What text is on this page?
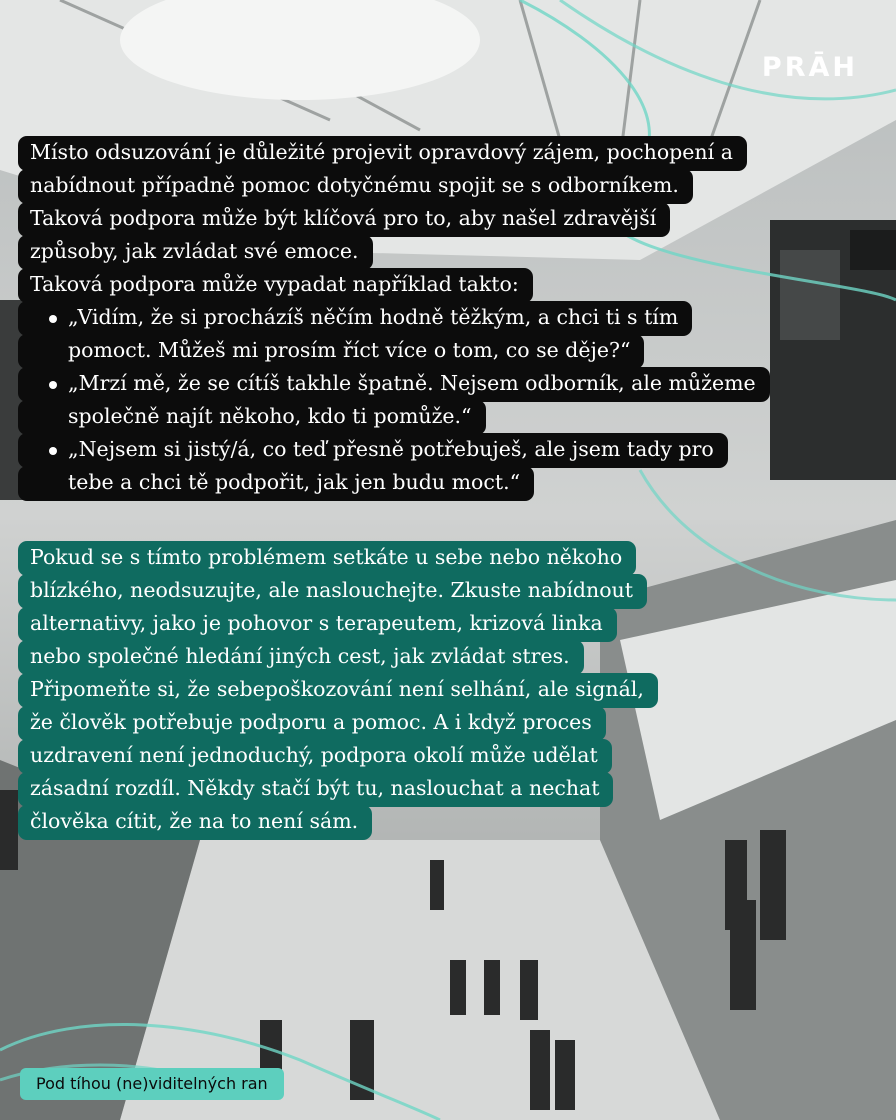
PRĀH
Místo odsuzování je důležité projevit opravdový zájem, pochopení a
nabídnout případně pomoc dotyčnému spojit se s odborníkem.
Taková podpora může být klíčová pro to, aby našel zdravější
způsoby, jak zvládat své emoce.
Taková podpora může vypadat například takto:
„Vidím, že si procházíš něčím hodně těžkým, a chci ti s tím
pomoct. Můžeš mi prosím říct více o tom, co se děje?“
„Mrzí mě, že se cítíš takhle špatně. Nejsem odborník, ale můžeme
společně najít někoho, kdo ti pomůže.“
„Nejsem si jistý/á, co teď přesně potřebuješ, ale jsem tady pro
tebe a chci tě podpořit, jak jen budu moct.“
Pokud se s tímto problémem setkáte u sebe nebo někoho
blízkého, neodsuzujte, ale naslouchejte. Zkuste nabídnout
alternativy, jako je pohovor s terapeutem, krizová linka
nebo společné hledání jiných cest, jak zvládat stres.
Připomeňte si, že sebepoškozování není selhání, ale signál,
že člověk potřebuje podporu a pomoc. A i když proces
uzdravení není jednoduchý, podpora okolí může udělat
zásadní rozdíl. Někdy stačí být tu, naslouchat a nechat
člověka cítit, že na to není sám.
Pod tíhou (ne)viditelných ran
